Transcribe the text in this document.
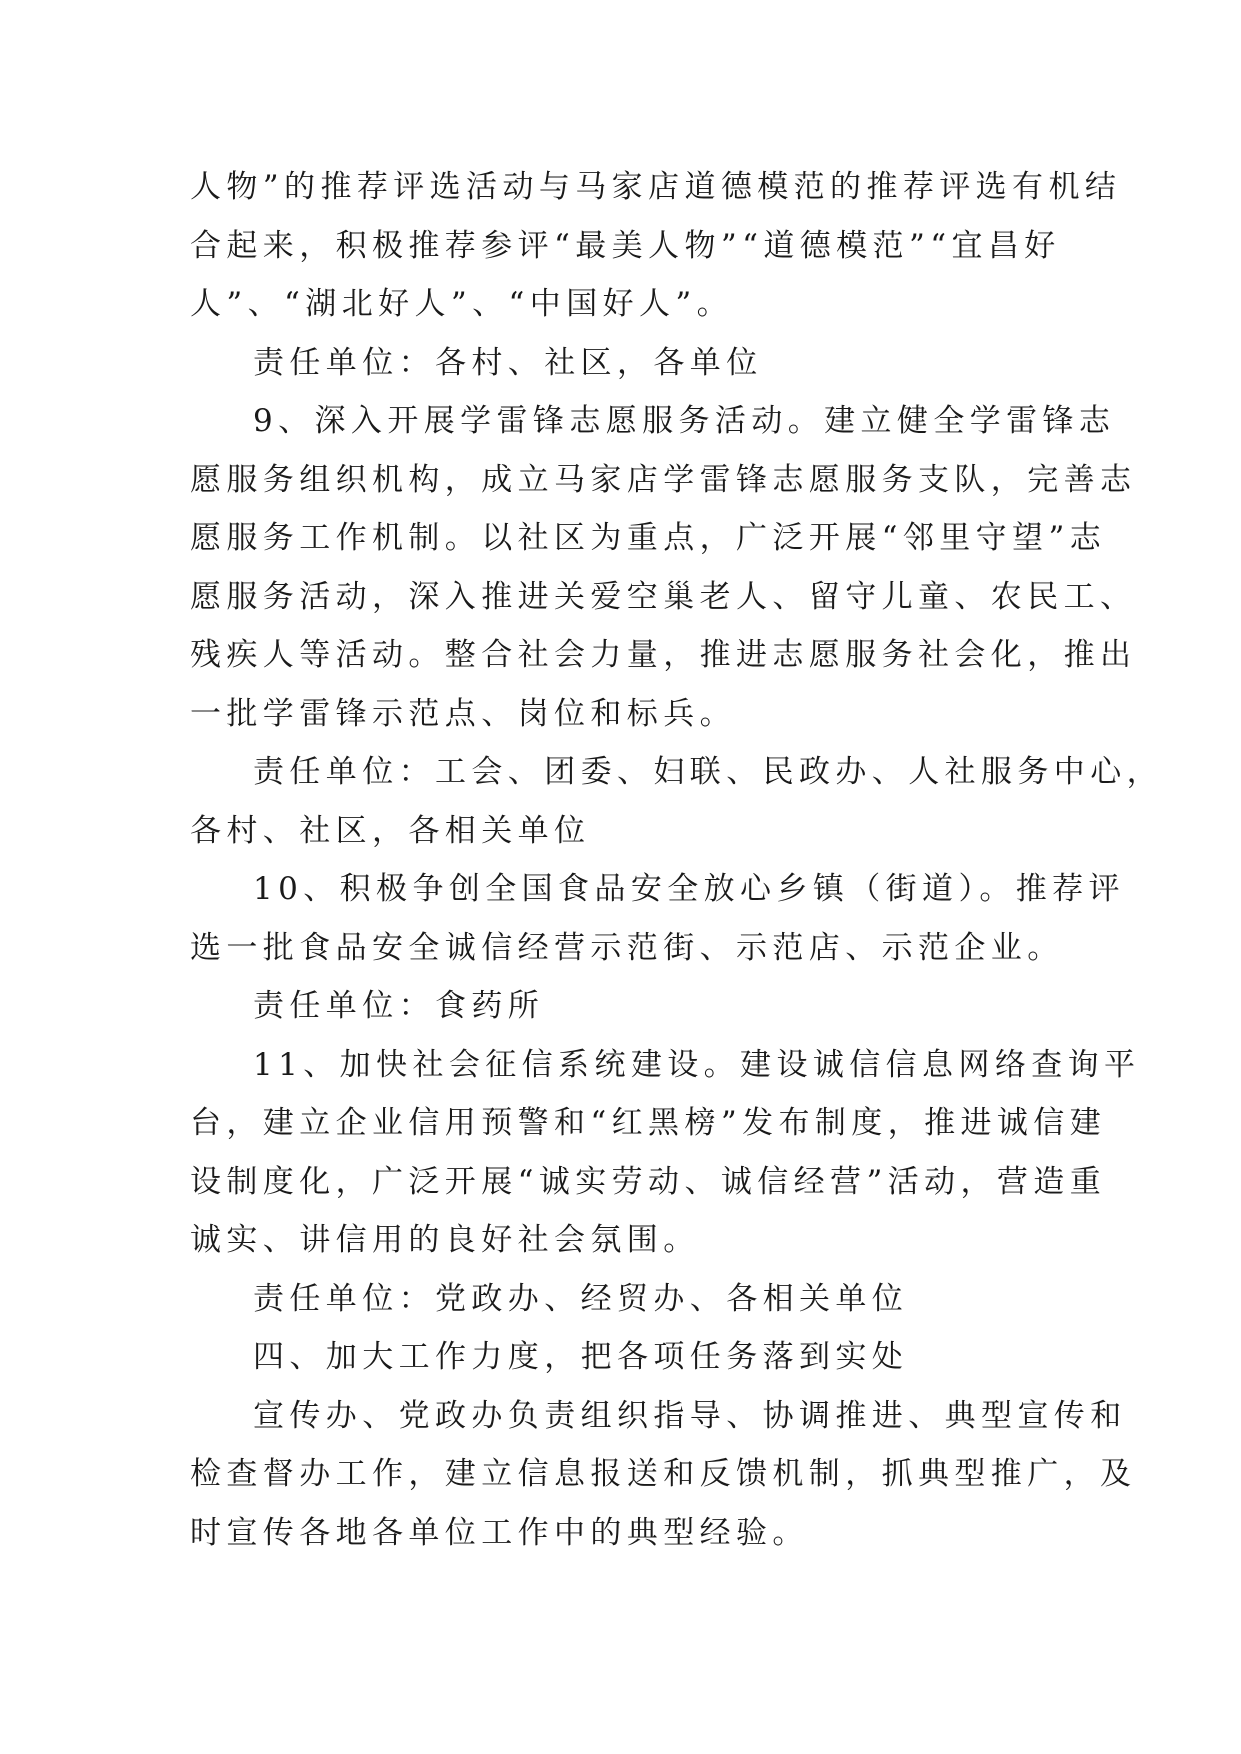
人物”的推荐评选活动与马家店道德模范的推荐评选有机结
合起来，积极推荐参评“最美人物”“道德模范”“宜昌好
人”、“湖北好人”、“中国好人”。
责任单位：各村、社区，各单位
9、深入开展学雷锋志愿服务活动。建立健全学雷锋志
愿服务组织机构，成立马家店学雷锋志愿服务支队，完善志
愿服务工作机制。以社区为重点，广泛开展“邻里守望”志
愿服务活动，深入推进关爱空巢老人、留守儿童、农民工、
残疾人等活动。整合社会力量，推进志愿服务社会化，推出
一批学雷锋示范点、岗位和标兵。
责任单位：工会、团委、妇联、民政办、人社服务中心，
各村、社区，各相关单位
10、积极争创全国食品安全放心乡镇（街道）。推荐评
选一批食品安全诚信经营示范街、示范店、示范企业。
责任单位：食药所
11、加快社会征信系统建设。建设诚信信息网络查询平
台，建立企业信用预警和“红黑榜”发布制度，推进诚信建
设制度化，广泛开展“诚实劳动、诚信经营”活动，营造重
诚实、讲信用的良好社会氛围。
责任单位：党政办、经贸办、各相关单位
四、加大工作力度，把各项任务落到实处
宣传办、党政办负责组织指导、协调推进、典型宣传和
检查督办工作，建立信息报送和反馈机制，抓典型推广，及
时宣传各地各单位工作中的典型经验。
